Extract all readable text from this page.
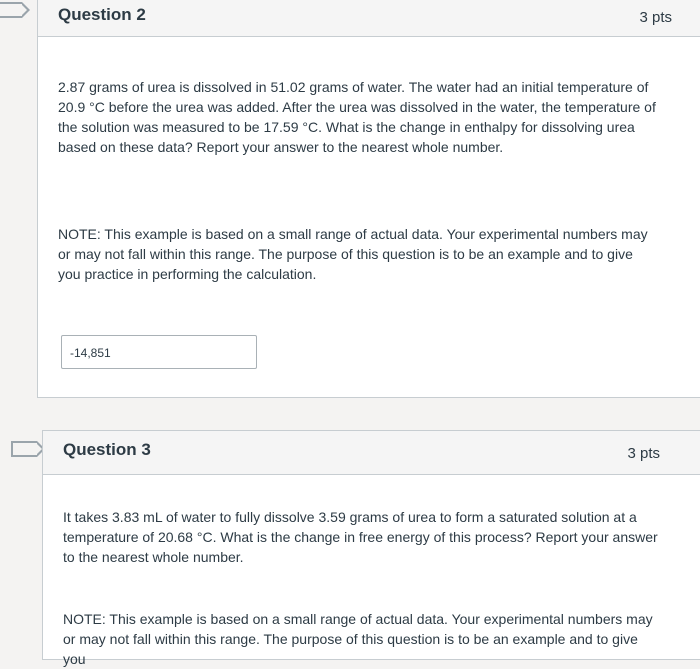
Question 2	3 pts
2.87 grams of urea is dissolved in 51.02 grams of water. The water had an initial temperature of 20.9 °C before the urea was added. After the urea was dissolved in the water, the temperature of the solution was measured to be 17.59 °C. What is the change in enthalpy for dissolving urea based on these data? Report your answer to the nearest whole number.
NOTE: This example is based on a small range of actual data. Your experimental numbers may or may not fall within this range. The purpose of this question is to be an example and to give you practice in performing the calculation.
-14,851
Question 3	3 pts
It takes 3.83 mL of water to fully dissolve 3.59 grams of urea to form a saturated solution at a temperature of 20.68 °C. What is the change in free energy of this process? Report your answer to the nearest whole number.
NOTE: This example is based on a small range of actual data. Your experimental numbers may or may not fall within this range. The purpose of this question is to be an example and to give you
